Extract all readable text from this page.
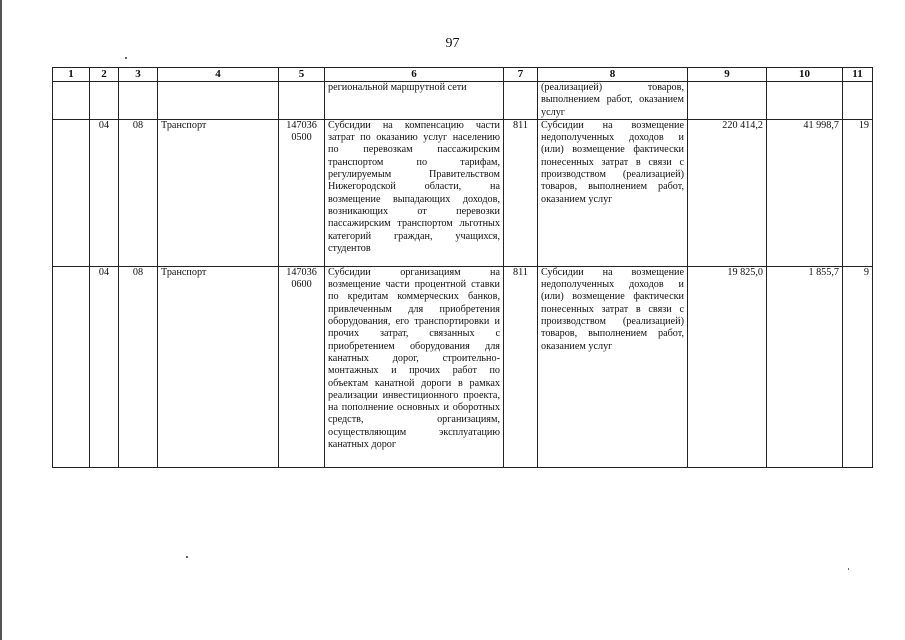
97
1	2	3	4	5	6	7	8	9	10	11
					региональной маршрутной сети		(реализацией) товаров, выполнением работ, оказанием услуг			
	04	08	Транспорт	147036 0500	Субсидии на компенсацию части затрат по оказанию услуг населению по перевозкам пассажирским транспортом по тарифам, регулируемым Правительством Нижегородской области, на возмещение выпадающих доходов, возникающих от перевозки пассажирским транспортом льготных категорий граждан, учащихся, студентов	811	Субсидии на возмещение недополученных доходов и (или) возмещение фактически понесенных затрат в связи с производством (реализацией) товаров, выполнением работ, оказанием услуг	220 414,2	41 998,7	19
	04	08	Транспорт	147036 0600	Субсидии организациям на возмещение части процентной ставки по кредитам коммерческих банков, привлеченным для приобретения оборудования, его транспортировки и прочих затрат, связанных с приобретением оборудования для канатных дорог, строительно-монтажных и прочих работ по объектам канатной дороги в рамках реализации инвестиционного проекта, на пополнение основных и оборотных средств, организациям, осуществляющим эксплуатацию канатных дорог	811	Субсидии на возмещение недополученных доходов и (или) возмещение фактически понесенных затрат в связи с производством (реализацией) товаров, выполнением работ, оказанием услуг	19 825,0	1 855,7	9
